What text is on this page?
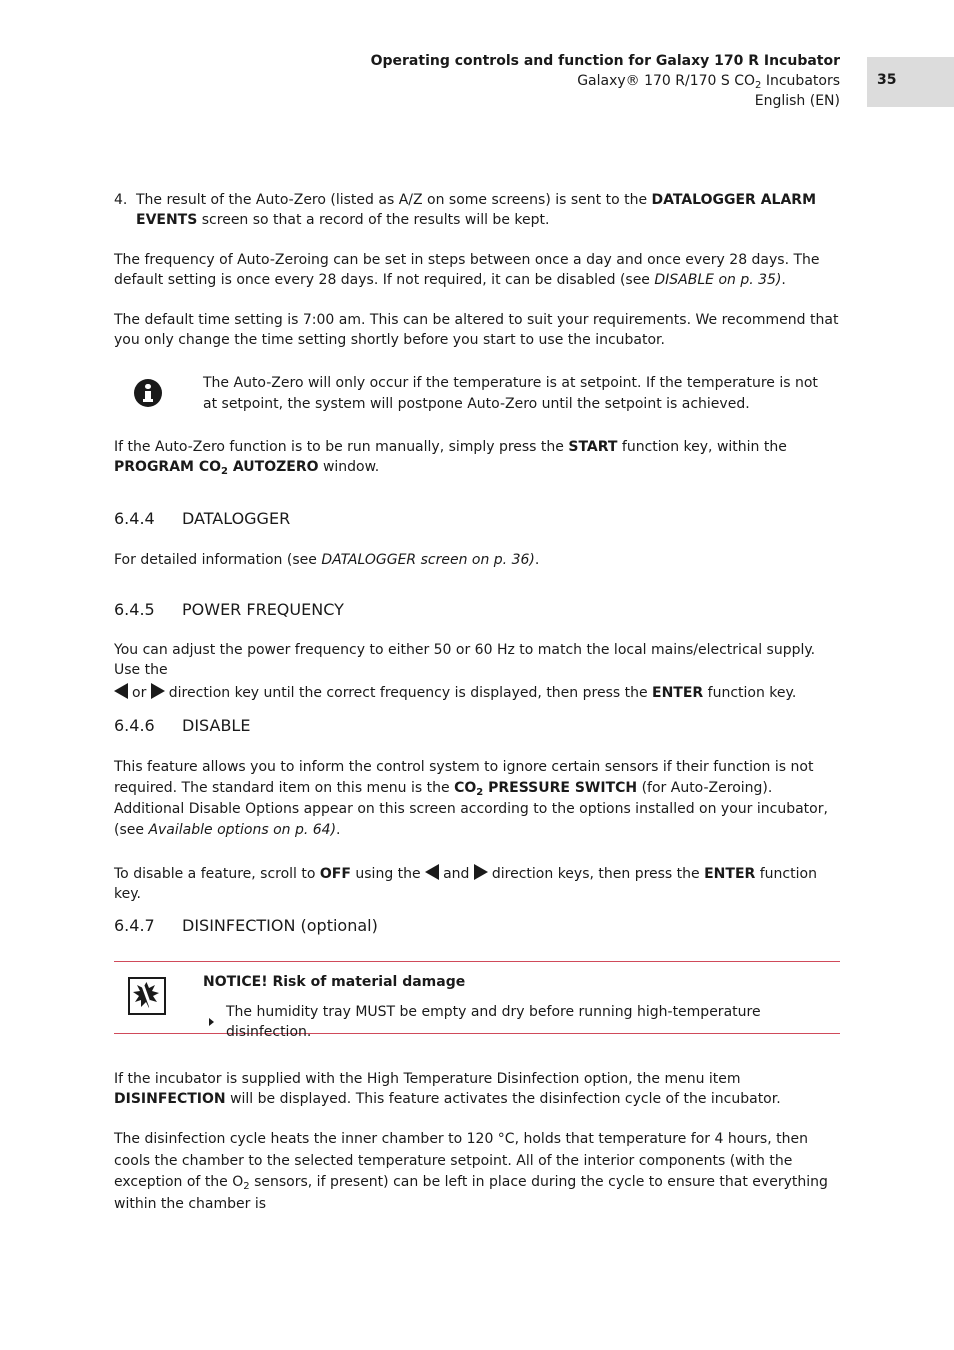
Operating controls and function for Galaxy 170 R Incubator
Galaxy® 170 R/170 S $CO_2$ Incubators
English (EN)
35
4. The result of the Auto-Zero (listed as A/Z on some screens) is sent to the DATALOGGER ALARM EVENTS screen so that a record of the results will be kept.

The frequency of Auto-Zeroing can be set in steps between once a day and once every 28 days. The default setting is once every 28 days. If not required, it can be disabled (see DISABLE on p. 35).

The default time setting is 7:00 am. This can be altered to suit your requirements. We recommend that you only change the time setting shortly before you start to use the incubator.

The Auto-Zero will only occur if the temperature is at setpoint. If the temperature is not at setpoint, the system will postpone Auto-Zero until the setpoint is achieved.

If the Auto-Zero function is to be run manually, simply press the START function key, within the PROGRAM $CO_2$ AUTOZERO window.

6.4.4 DATALOGGER

For detailed information (see DATALOGGER screen on p. 36).

6.4.5 POWER FREQUENCY

You can adjust the power frequency to either 50 or 60 Hz to match the local mains/electrical supply. Use the

or direction key until the correct frequency is displayed, then press the ENTER function key.

6.4.6 DISABLE

This feature allows you to inform the control system to ignore certain sensors if their function is not required. The standard item on this menu is the $CO_2$ PRESSURE SWITCH (for Auto-Zeroing). Additional Disable Options appear on this screen according to the options installed on your incubator, (see Available options on p. 64).

To disable a feature, scroll to OFF using the and direction keys, then press the ENTER function key.

6.4.7 DISINFECTION (optional)
NOTICE! Risk of material damage
The humidity tray MUST be empty and dry before running high-temperature disinfection.

If the incubator is supplied with the High Temperature Disinfection option, the menu item DISINFECTION will be displayed. This feature activates the disinfection cycle of the incubator.

The disinfection cycle heats the inner chamber to 120 °C, holds that temperature for 4 hours, then cools the chamber to the selected temperature setpoint. All of the interior components (with the exception of the $O_2$ sensors, if present) can be left in place during the cycle to ensure that everything within the chamber is
